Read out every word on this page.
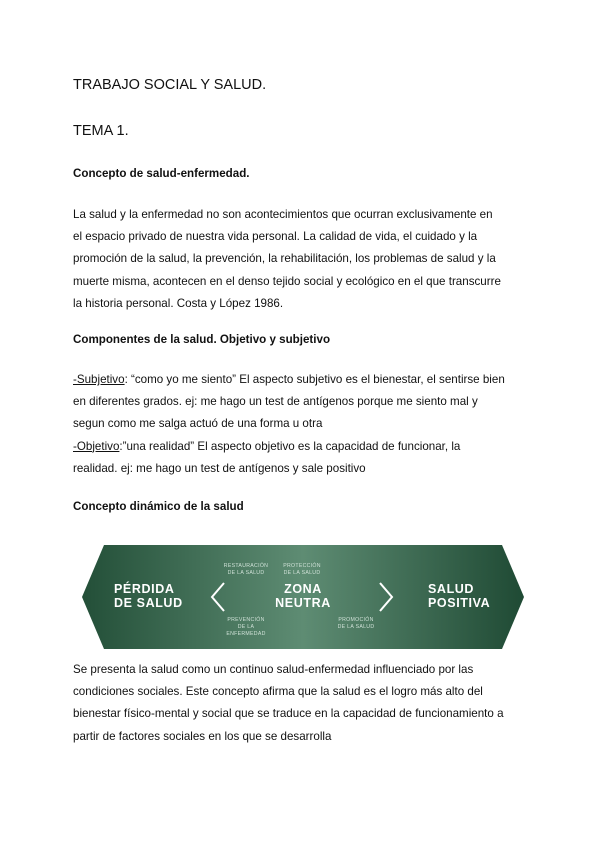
TRABAJO SOCIAL Y SALUD.
TEMA 1.
Concepto de salud-enfermedad.
La salud y la enfermedad no son acontecimientos que ocurran exclusivamente en
el espacio privado de nuestra vida personal. La calidad de vida, el cuidado y la
promoción de la salud, la prevención, la rehabilitación, los problemas de salud y la
muerte misma, acontecen en el denso tejido social y ecológico en el que transcurre
la historia personal. Costa y López 1986.
Componentes de la salud. Objetivo y subjetivo
-Subjetivo: “como yo me siento” El aspecto subjetivo es el bienestar, el sentirse bien
en diferentes grados. ej: me hago un test de antígenos porque me siento mal y
segun como me salga actuó de una forma u otra
-Objetivo:”una realidad” El aspecto objetivo es la capacidad de funcionar, la
realidad. ej: me hago un test de antígenos y sale positivo
Concepto dinámico de la salud
PÉRDIDA
DE SALUD
ZONA
NEUTRA
SALUD
POSITIVA
RESTAURACIÓN
DE LA SALUD
PROTECCIÓN
DE LA SALUD
PREVENCIÓN
DE LA
ENFERMEDAD
PROMOCIÓN
DE LA SALUD
Se presenta la salud como un continuo salud-enfermedad influenciado por las
condiciones sociales. Este concepto afirma que la salud es el logro más alto del
bienestar físico-mental y social que se traduce en la capacidad de funcionamiento a
partir de factores sociales en los que se desarrolla
